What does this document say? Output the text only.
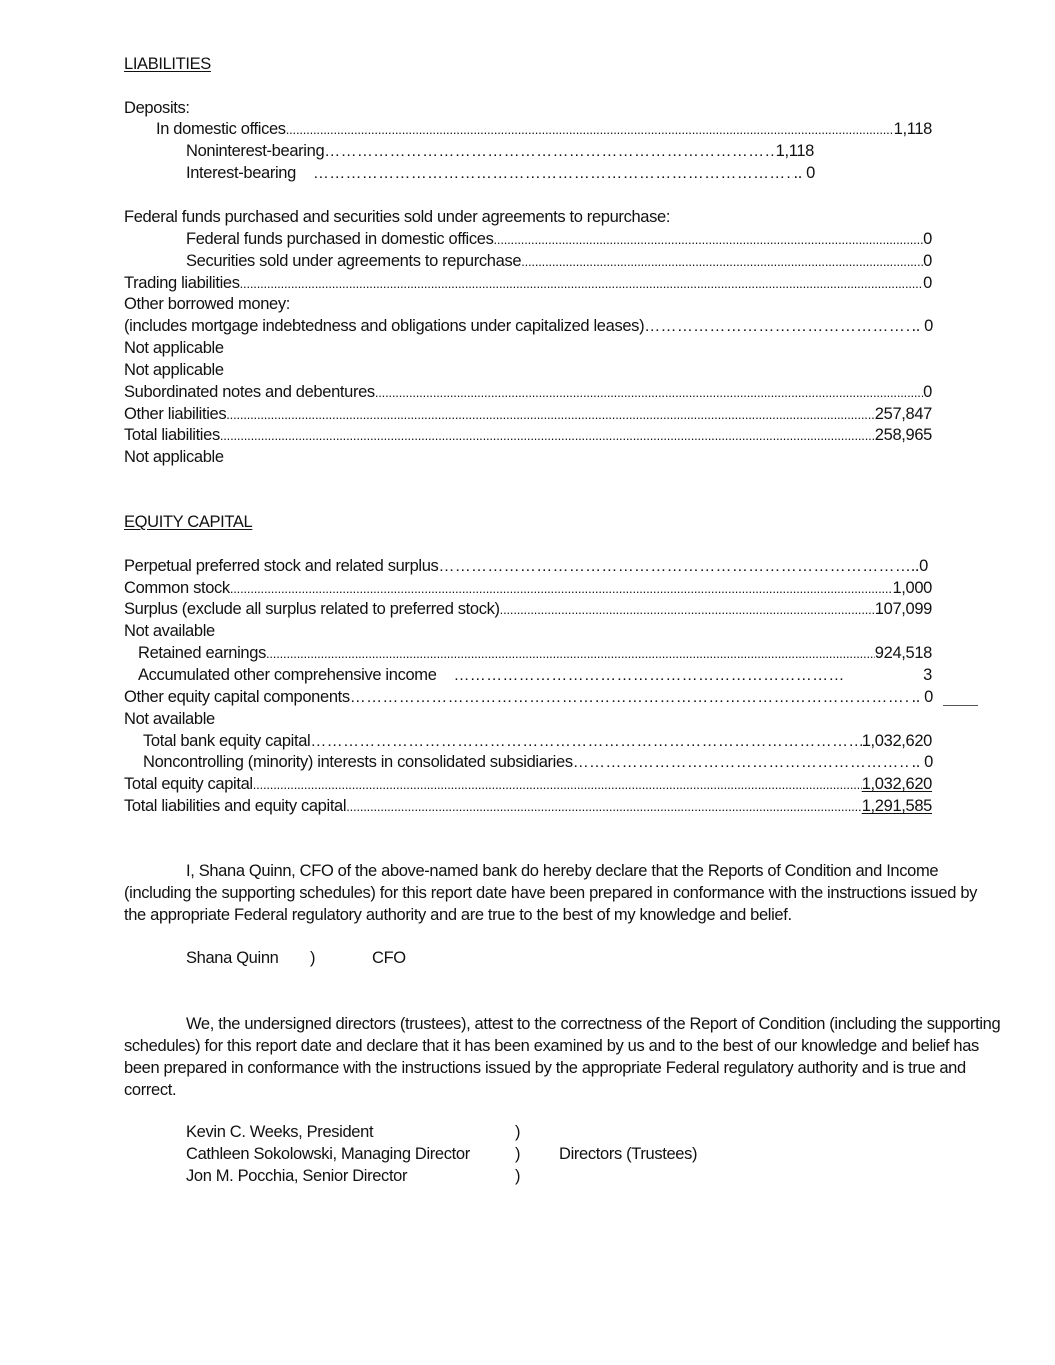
LIABILITIES
Deposits:
In domestic offices .....	1,118
Noninterest-bearing ……………………………………………………………………………………………………………………………………………………………………………………………………	1,118
Interest-bearing ……………………………………………………………………………………………………………………………………………………………………………………………………	.. 0
Federal funds purchased and securities sold under agreements to repurchase:
Federal funds purchased in domestic offices .....	0
Securities sold under agreements to repurchase .....	0
Trading liabilities .....	0
Other borrowed money:
(includes mortgage indebtedness and obligations under capitalized leases) ……………………………………………………………………………………………………………………………………………………………………………………………………	.. 0
Not applicable
Not applicable
Subordinated notes and debentures .....	0
Other liabilities .....	257,847
Total liabilities .....	258,965
Not applicable
EQUITY CAPITAL
Perpetual preferred stock and related surplus ……………………………………………………………………………………………………………………………………………………………………………………………………	..0
Common stock .....	1,000
Surplus (exclude all surplus related to preferred stock) .....	107,099
Not available
Retained earnings .....	924,518
Accumulated other comprehensive income ……………………………………………………………………………………………………………………………………………………………………………………………………	3
Other equity capital components ……………………………………………………………………………………………………………………………………………………………………………………………………	.. 0
Not available
Total bank equity capital ……………………………………………………………………………………………………………………………………………………………………………………………………	1,032,620
Noncontrolling (minority) interests in consolidated subsidiaries ……………………………………………………………………………………………………………………………………………………………………………………………………	.. 0
Total equity capital .....	1,032,620
Total liabilities and equity capital .....	1,291,585
I, Shana Quinn, CFO of the above-named bank do hereby declare that the Reports of Condition and Income (including the supporting schedules) for this report date have been prepared in conformance with the instructions issued by the appropriate Federal regulatory authority and are true to the best of my knowledge and belief.
Shana Quinn )	CFO
We, the undersigned directors (trustees), attest to the correctness of the Report of Condition (including the supporting schedules) for this report date and declare that it has been examined by us and to the best of our knowledge and belief has been prepared in conformance with the instructions issued by the appropriate Federal regulatory authority and is true and correct.
Kevin C. Weeks, President	)
Cathleen Sokolowski, Managing Director	) Directors (Trustees)
Jon M. Pocchia, Senior Director	)
